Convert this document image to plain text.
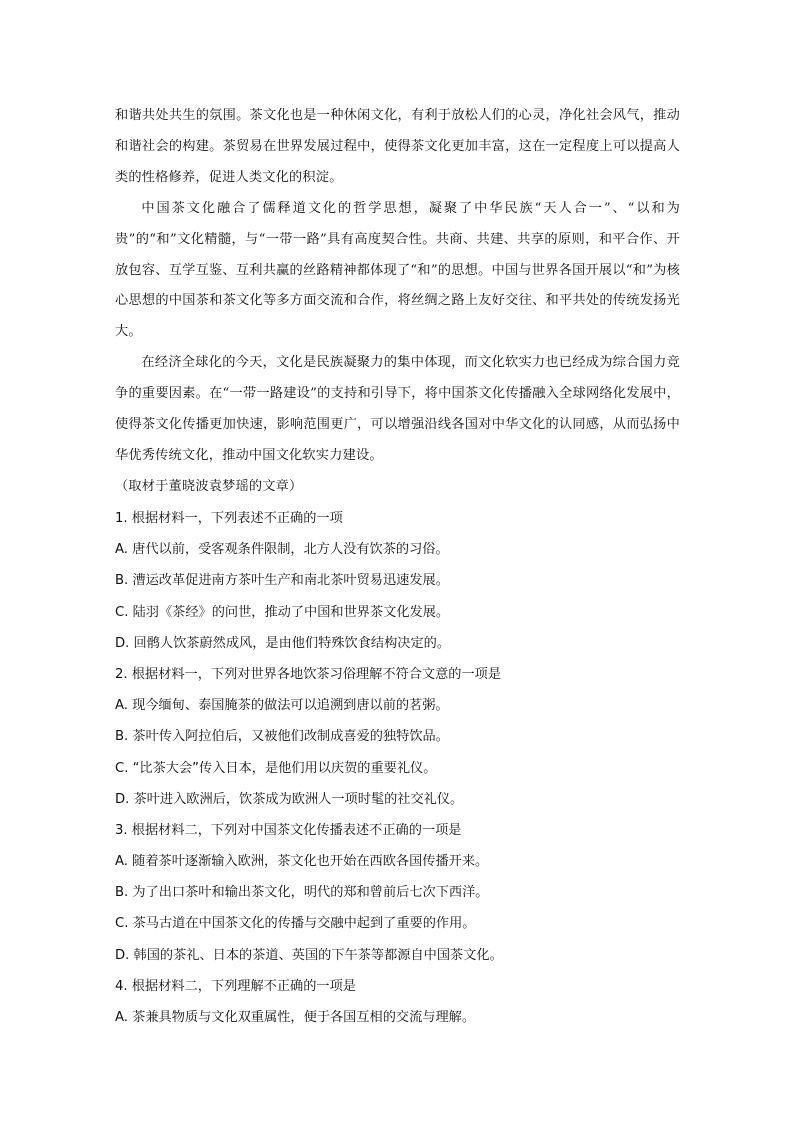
和谐共处共生的氛围。茶文化也是一种休闲文化，有利于放松人们的心灵，净化社会风气，推动和谐社会的构建。茶贸易在世界发展过程中，使得茶文化更加丰富，这在一定程度上可以提高人类的性格修养，促进人类文化的积淀。

中国茶文化融合了儒释道文化的哲学思想，凝聚了中华民族“天人合一”、“以和为贵”的“和”文化精髓，与“一带一路”具有高度契合性。共商、共建、共享的原则，和平合作、开放包容、互学互鉴、互利共赢的丝路精神都体现了“和”的思想。中国与世界各国开展以“和”为核心思想的中国茶和茶文化等多方面交流和合作，将丝绸之路上友好交往、和平共处的传统发扬光大。

在经济全球化的今天，文化是民族凝聚力的集中体现，而文化软实力也已经成为综合国力竞争的重要因素。在“一带一路建设”的支持和引导下，将中国茶文化传播融入全球网络化发展中，使得茶文化传播更加快速，影响范围更广，可以增强沿线各国对中华文化的认同感，从而弘扬中华优秀传统文化，推动中国文化软实力建设。

（取材于董晓波袁梦瑶的文章）

1. 根据材料一，下列表述不正确的一项
A. 唐代以前，受客观条件限制，北方人没有饮茶的习俗。
B. 漕运改革促进南方茶叶生产和南北茶叶贸易迅速发展。
C. 陆羽《茶经》的问世，推动了中国和世界茶文化发展。
D. 回鹘人饮茶蔚然成风，是由他们特殊饮食结构决定的。
2. 根据材料一，下列对世界各地饮茶习俗理解不符合文意的一项是
A. 现今缅甸、泰国腌茶的做法可以追溯到唐以前的茗粥。
B. 茶叶传入阿拉伯后，又被他们改制成喜爱的独特饮品。
C. “比茶大会”传入日本，是他们用以庆贺的重要礼仪。
D. 茶叶进入欧洲后，饮茶成为欧洲人一项时髦的社交礼仪。
3. 根据材料二，下列对中国茶文化传播表述不正确的一项是
A. 随着茶叶逐渐输入欧洲，茶文化也开始在西欧各国传播开来。
B. 为了出口茶叶和输出茶文化，明代的郑和曾前后七次下西洋。
C. 茶马古道在中国茶文化的传播与交融中起到了重要的作用。
D. 韩国的茶礼、日本的茶道、英国的下午茶等都源自中国茶文化。
4. 根据材料二，下列理解不正确的一项是
A. 茶兼具物质与文化双重属性，便于各国互相的交流与理解。
